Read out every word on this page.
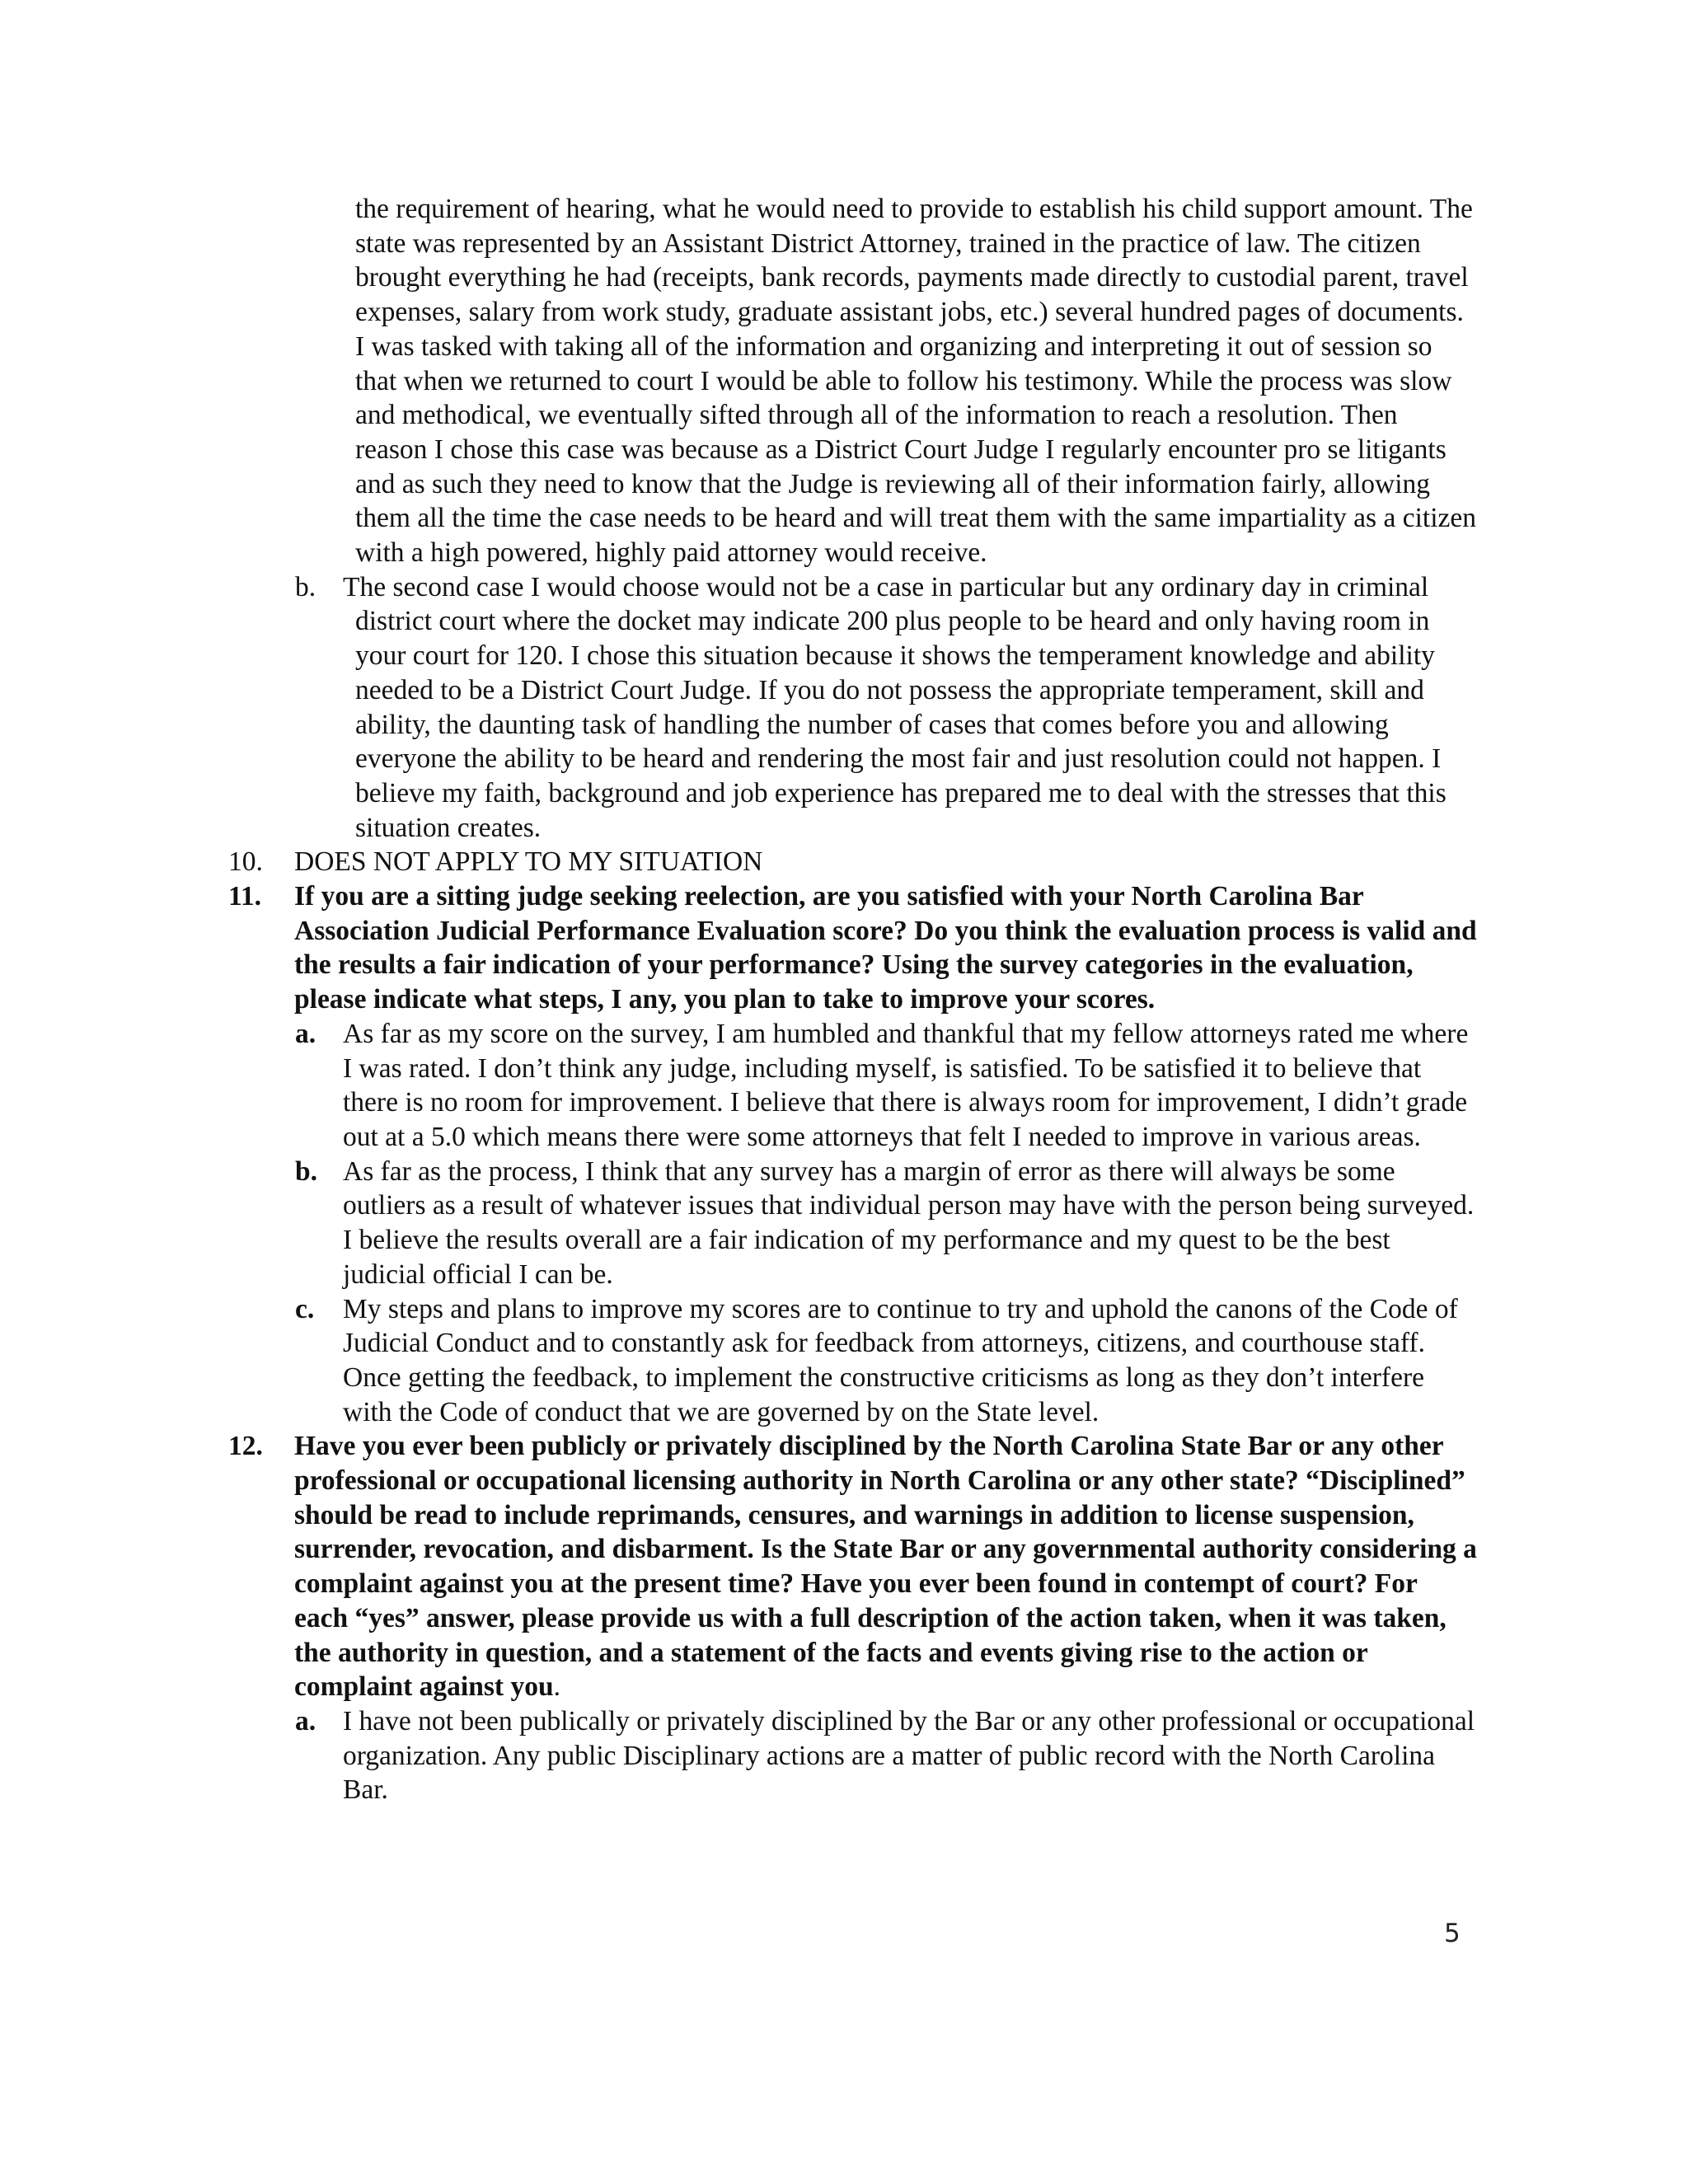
the requirement of hearing, what he would need to provide to establish his child support amount. The state was represented by an Assistant District Attorney, trained in the practice of law. The citizen brought everything he had (receipts, bank records, payments made directly to custodial parent, travel expenses, salary from work study, graduate assistant jobs, etc.) several hundred pages of documents. I was tasked with taking all of the information and organizing and interpreting it out of session so that when we returned to court I would be able to follow his testimony. While the process was slow and methodical, we eventually sifted through all of the information to reach a resolution. Then reason I chose this case was because as a District Court Judge I regularly encounter pro se litigants and as such they need to know that the Judge is reviewing all of their information fairly, allowing them all the time the case needs to be heard and will treat them with the same impartiality as a citizen with a high powered, highly paid attorney would receive.

b. The second case I would choose would not be a case in particular but any ordinary day in criminal district court where the docket may indicate 200 plus people to be heard and only having room in your court for 120. I chose this situation because it shows the temperament knowledge and ability needed to be a District Court Judge. If you do not possess the appropriate temperament, skill and ability, the daunting task of handling the number of cases that comes before you and allowing everyone the ability to be heard and rendering the most fair and just resolution could not happen. I believe my faith, background and job experience has prepared me to deal with the stresses that this situation creates.

10. DOES NOT APPLY TO MY SITUATION

11. If you are a sitting judge seeking reelection, are you satisfied with your North Carolina Bar Association Judicial Performance Evaluation score? Do you think the evaluation process is valid and the results a fair indication of your performance? Using the survey categories in the evaluation, please indicate what steps, I any, you plan to take to improve your scores.

a. As far as my score on the survey, I am humbled and thankful that my fellow attorneys rated me where I was rated. I don’t think any judge, including myself, is satisfied. To be satisfied it to believe that there is no room for improvement. I believe that there is always room for improvement, I didn’t grade out at a 5.0 which means there were some attorneys that felt I needed to improve in various areas.

b. As far as the process, I think that any survey has a margin of error as there will always be some outliers as a result of whatever issues that individual person may have with the person being surveyed. I believe the results overall are a fair indication of my performance and my quest to be the best judicial official I can be.

c. My steps and plans to improve my scores are to continue to try and uphold the canons of the Code of Judicial Conduct and to constantly ask for feedback from attorneys, citizens, and courthouse staff. Once getting the feedback, to implement the constructive criticisms as long as they don’t interfere with the Code of conduct that we are governed by on the State level.

12. Have you ever been publicly or privately disciplined by the North Carolina State Bar or any other professional or occupational licensing authority in North Carolina or any other state? “Disciplined” should be read to include reprimands, censures, and warnings in addition to license suspension, surrender, revocation, and disbarment. Is the State Bar or any governmental authority considering a complaint against you at the present time? Have you ever been found in contempt of court? For each “yes” answer, please provide us with a full description of the action taken, when it was taken, the authority in question, and a statement of the facts and events giving rise to the action or complaint against you.

a. I have not been publically or privately disciplined by the Bar or any other professional or occupational organization. Any public Disciplinary actions are a matter of public record with the North Carolina Bar.

5
